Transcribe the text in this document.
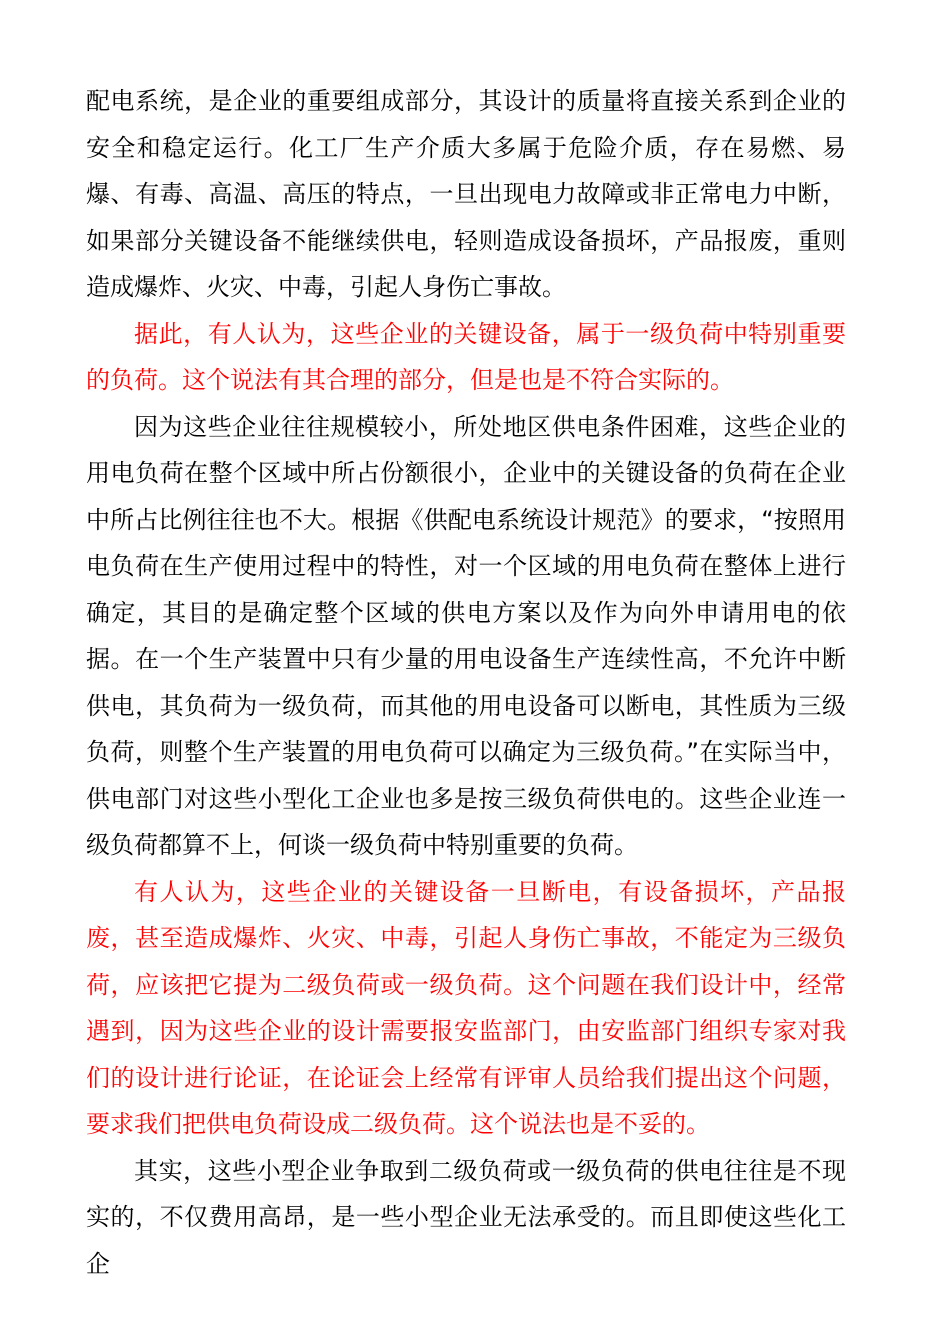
配电系统，是企业的重要组成部分，其设计的质量将直接关系到企业的安全和稳定运行。化工厂生产介质大多属于危险介质，存在易燃、易爆、有毒、高温、高压的特点，一旦出现电力故障或非正常电力中断，如果部分关键设备不能继续供电，轻则造成设备损坏，产品报废，重则造成爆炸、火灾、中毒，引起人身伤亡事故。

据此，有人认为，这些企业的关键设备，属于一级负荷中特别重要的负荷。这个说法有其合理的部分，但是也是不符合实际的。

因为这些企业往往规模较小，所处地区供电条件困难，这些企业的用电负荷在整个区域中所占份额很小，企业中的关键设备的负荷在企业中所占比例往往也不大。根据《供配电系统设计规范》的要求，“按照用电负荷在生产使用过程中的特性，对一个区域的用电负荷在整体上进行确定，其目的是确定整个区域的供电方案以及作为向外申请用电的依据。在一个生产装置中只有少量的用电设备生产连续性高，不允许中断供电，其负荷为一级负荷，而其他的用电设备可以断电，其性质为三级负荷，则整个生产装置的用电负荷可以确定为三级负荷。”在实际当中，供电部门对这些小型化工企业也多是按三级负荷供电的。这些企业连一级负荷都算不上，何谈一级负荷中特别重要的负荷。

有人认为，这些企业的关键设备一旦断电，有设备损坏，产品报废，甚至造成爆炸、火灾、中毒，引起人身伤亡事故，不能定为三级负荷，应该把它提为二级负荷或一级负荷。这个问题在我们设计中，经常遇到，因为这些企业的设计需要报安监部门，由安监部门组织专家对我们的设计进行论证，在论证会上经常有评审人员给我们提出这个问题，要求我们把供电负荷设成二级负荷。这个说法也是不妥的。

其实，这些小型企业争取到二级负荷或一级负荷的供电往往是不现实的，不仅费用高昂，是一些小型企业无法承受的。而且即使这些化工企
